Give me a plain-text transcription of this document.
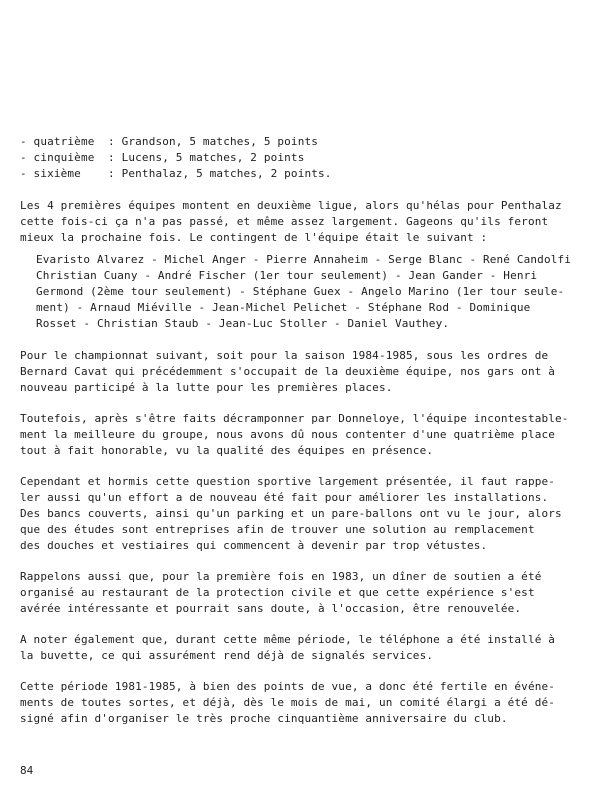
- quatrième  : Grandson, 5 matches, 5 points
- cinquième  : Lucens, 5 matches, 2 points
- sixième    : Penthalaz, 5 matches, 2 points.
Les 4 premières équipes montent en deuxième ligue, alors qu'hélas pour Penthalaz
cette fois-ci ça n'a pas passé, et même assez largement. Gageons qu'ils feront
mieux la prochaine fois. Le contingent de l'équipe était le suivant :
Evaristo Alvarez - Michel Anger - Pierre Annaheim - Serge Blanc - René Candolfi
Christian Cuany - André Fischer (1er tour seulement) - Jean Gander - Henri
Germond (2ème tour seulement) - Stéphane Guex - Angelo Marino (1er tour seule-
ment) - Arnaud Miéville - Jean-Michel Pelichet - Stéphane Rod - Dominique
Rosset - Christian Staub - Jean-Luc Stoller - Daniel Vauthey.
Pour le championnat suivant, soit pour la saison 1984-1985, sous les ordres de
Bernard Cavat qui précédemment s'occupait de la deuxième équipe, nos gars ont à
nouveau participé à la lutte pour les premières places.
Toutefois, après s'être faits décramponner par Donneloye, l'équipe incontestable-
ment la meilleure du groupe, nous avons dû nous contenter d'une quatrième place
tout à fait honorable, vu la qualité des équipes en présence.
Cependant et hormis cette question sportive largement présentée, il faut rappe-
ler aussi qu'un effort a de nouveau été fait pour améliorer les installations.
Des bancs couverts, ainsi qu'un parking et un pare-ballons ont vu le jour, alors
que des études sont entreprises afin de trouver une solution au remplacement
des douches et vestiaires qui commencent à devenir par trop vétustes.
Rappelons aussi que, pour la première fois en 1983, un dîner de soutien a été
organisé au restaurant de la protection civile et que cette expérience s'est
avérée intéressante et pourrait sans doute, à l'occasion, être renouvelée.
A noter également que, durant cette même période, le téléphone a été installé à
la buvette, ce qui assurément rend déjà de signalés services.
Cette période 1981-1985, à bien des points de vue, a donc été fertile en événe-
ments de toutes sortes, et déjà, dès le mois de mai, un comité élargi a été dé-
signé afin d'organiser le très proche cinquantième anniversaire du club.
84
